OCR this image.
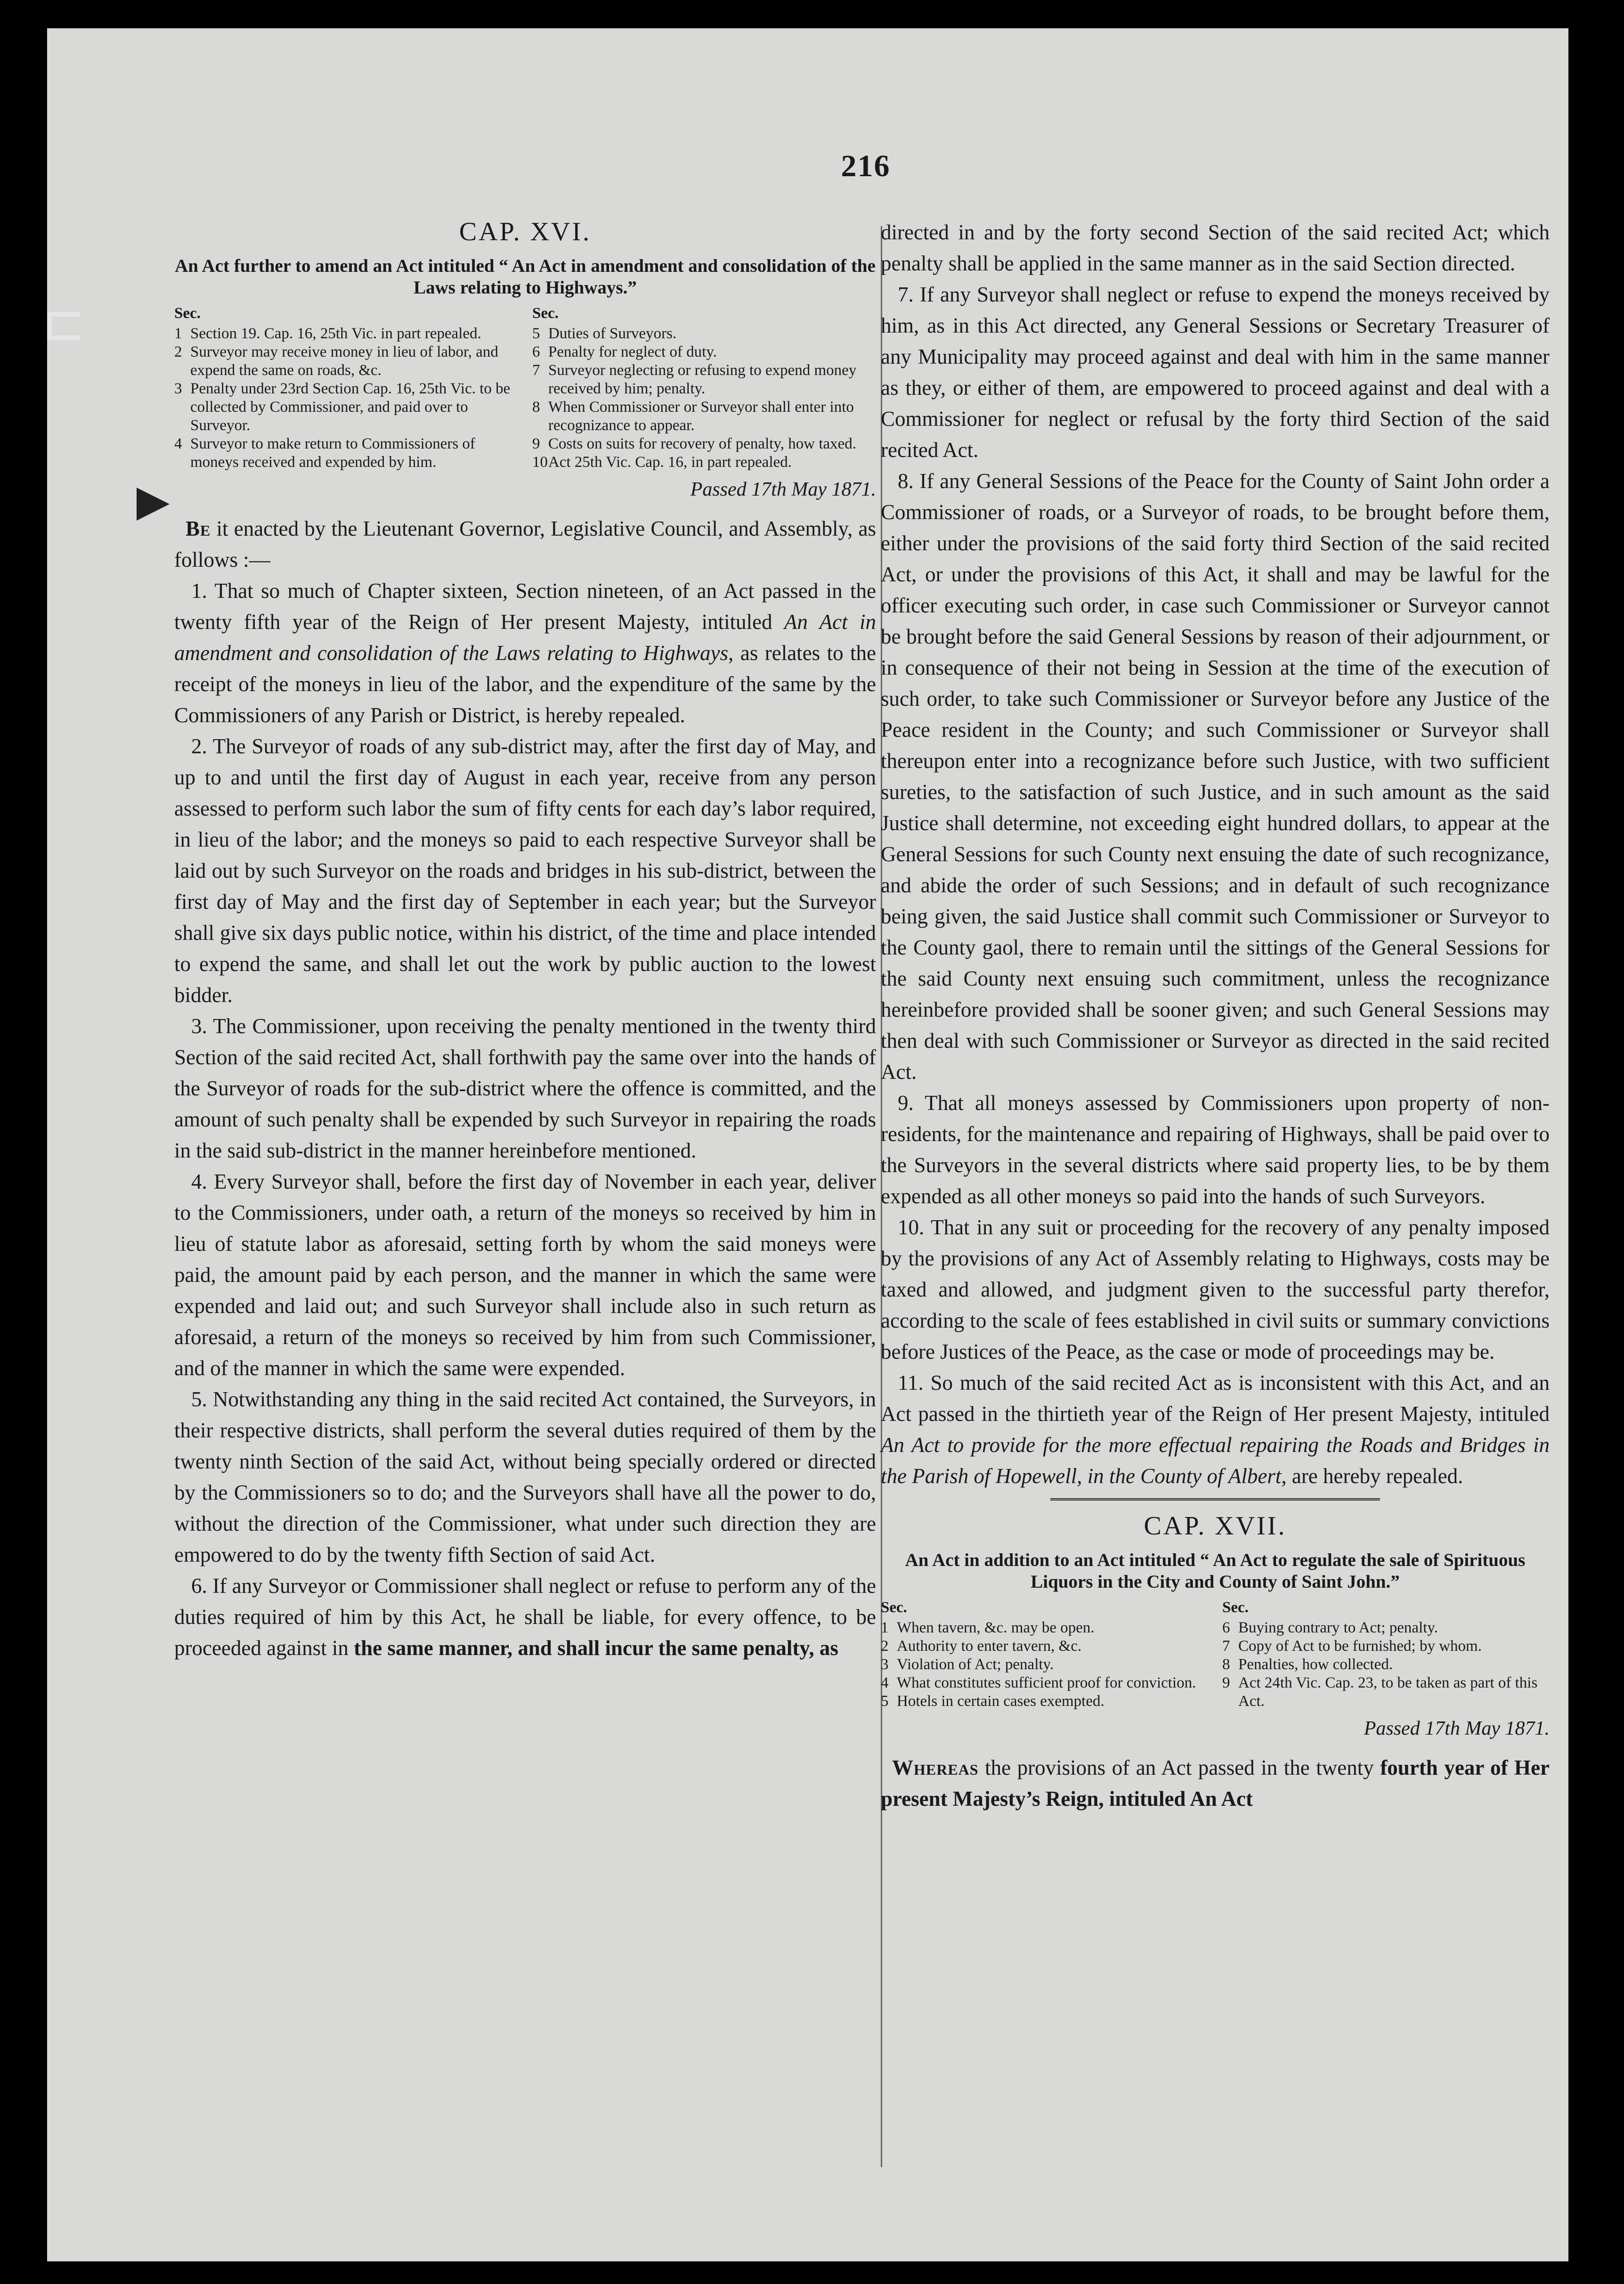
216
CAP. XVI.
An Act further to amend an Act intituled “ An Act in amendment and consolidation of the Laws relating to Highways.”
Sec.
1 Section 19. Cap. 16, 25th Vic. in part repealed.
2 Surveyor may receive money in lieu of labor, and expend the same on roads, &c.
3 Penalty under 23rd Section Cap. 16, 25th Vic. to be collected by Commissioner, and paid over to Surveyor.
4 Surveyor to make return to Commissioners of moneys received and expended by him.
Sec.
5 Duties of Surveyors.
6 Penalty for neglect of duty.
7 Surveyor neglecting or refusing to expend money received by him; penalty.
8 When Commissioner or Surveyor shall enter into recognizance to appear.
9 Costs on suits for recovery of penalty, how taxed.
10 Act 25th Vic. Cap. 16, in part repealed.
Passed 17th May 1871.

Be it enacted by the Lieutenant Governor, Legislative Council, and Assembly, as follows :—

1. That so much of Chapter sixteen, Section nineteen, of an Act passed in the twenty fifth year of the Reign of Her present Majesty, intituled An Act in amendment and consolidation of the Laws relating to Highways, as relates to the receipt of the moneys in lieu of the labor, and the expenditure of the same by the Commissioners of any Parish or District, is hereby repealed.

2. The Surveyor of roads of any sub-district may, after the first day of May, and up to and until the first day of August in each year, receive from any person assessed to perform such labor the sum of fifty cents for each day’s labor required, in lieu of the labor; and the moneys so paid to each respective Surveyor shall be laid out by such Surveyor on the roads and bridges in his sub-district, between the first day of May and the first day of September in each year; but the Surveyor shall give six days public notice, within his district, of the time and place intended to expend the same, and shall let out the work by public auction to the lowest bidder.

3. The Commissioner, upon receiving the penalty mentioned in the twenty third Section of the said recited Act, shall forthwith pay the same over into the hands of the Surveyor of roads for the sub-district where the offence is committed, and the amount of such penalty shall be expended by such Surveyor in repairing the roads in the said sub-district in the manner hereinbefore mentioned.

4. Every Surveyor shall, before the first day of November in each year, deliver to the Commissioners, under oath, a return of the moneys so received by him in lieu of statute labor as aforesaid, setting forth by whom the said moneys were paid, the amount paid by each person, and the manner in which the same were expended and laid out; and such Surveyor shall include also in such return as aforesaid, a return of the moneys so received by him from such Commissioner, and of the manner in which the same were expended.

5. Notwithstanding any thing in the said recited Act contained, the Surveyors, in their respective districts, shall perform the several duties required of them by the twenty ninth Section of the said Act, without being specially ordered or directed by the Commissioners so to do; and the Surveyors shall have all the power to do, without the direction of the Commissioner, what under such direction they are empowered to do by the twenty fifth Section of said Act.

6. If any Surveyor or Commissioner shall neglect or refuse to perform any of the duties required of him by this Act, he shall be liable, for every offence, to be proceeded against in the same manner, and shall incur the same penalty, as

directed in and by the forty second Section of the said recited Act; which penalty shall be applied in the same manner as in the said Section directed.

7. If any Surveyor shall neglect or refuse to expend the moneys received by him, as in this Act directed, any General Sessions or Secretary Treasurer of any Municipality may proceed against and deal with him in the same manner as they, or either of them, are empowered to proceed against and deal with a Commissioner for neglect or refusal by the forty third Section of the said recited Act.

8. If any General Sessions of the Peace for the County of Saint John order a Commissioner of roads, or a Surveyor of roads, to be brought before them, either under the provisions of the said forty third Section of the said recited Act, or under the provisions of this Act, it shall and may be lawful for the officer executing such order, in case such Commissioner or Surveyor cannot be brought before the said General Sessions by reason of their adjournment, or in consequence of their not being in Session at the time of the execution of such order, to take such Commissioner or Surveyor before any Justice of the Peace resident in the County; and such Commissioner or Surveyor shall thereupon enter into a recognizance before such Justice, with two sufficient sureties, to the satisfaction of such Justice, and in such amount as the said Justice shall determine, not exceeding eight hundred dollars, to appear at the General Sessions for such County next ensuing the date of such recognizance, and abide the order of such Sessions; and in default of such recognizance being given, the said Justice shall commit such Commissioner or Surveyor to the County gaol, there to remain until the sittings of the General Sessions for the said County next ensuing such commitment, unless the recognizance hereinbefore provided shall be sooner given; and such General Sessions may then deal with such Commissioner or Surveyor as directed in the said recited Act.

9. That all moneys assessed by Commissioners upon property of non-residents, for the maintenance and repairing of Highways, shall be paid over to the Surveyors in the several districts where said property lies, to be by them expended as all other moneys so paid into the hands of such Surveyors.

10. That in any suit or proceeding for the recovery of any penalty imposed by the provisions of any Act of Assembly relating to Highways, costs may be taxed and allowed, and judgment given to the successful party therefor, according to the scale of fees established in civil suits or summary convictions before Justices of the Peace, as the case or mode of proceedings may be.

11. So much of the said recited Act as is inconsistent with this Act, and an Act passed in the thirtieth year of the Reign of Her present Majesty, intituled An Act to provide for the more effectual repairing the Roads and Bridges in the Parish of Hopewell, in the County of Albert, are hereby repealed.

CAP. XVII.
An Act in addition to an Act intituled “ An Act to regulate the sale of Spirituous Liquors in the City and County of Saint John.”
Sec.
1 When tavern, &c. may be open.
2 Authority to enter tavern, &c.
3 Violation of Act; penalty.
4 What constitutes sufficient proof for conviction.
5 Hotels in certain cases exempted.
Sec.
6 Buying contrary to Act; penalty.
7 Copy of Act to be furnished; by whom.
8 Penalties, how collected.
9 Act 24th Vic. Cap. 23, to be taken as part of this Act.
Passed 17th May 1871.

Whereas the provisions of an Act passed in the twenty fourth year of Her present Majesty’s Reign, intituled An Act
